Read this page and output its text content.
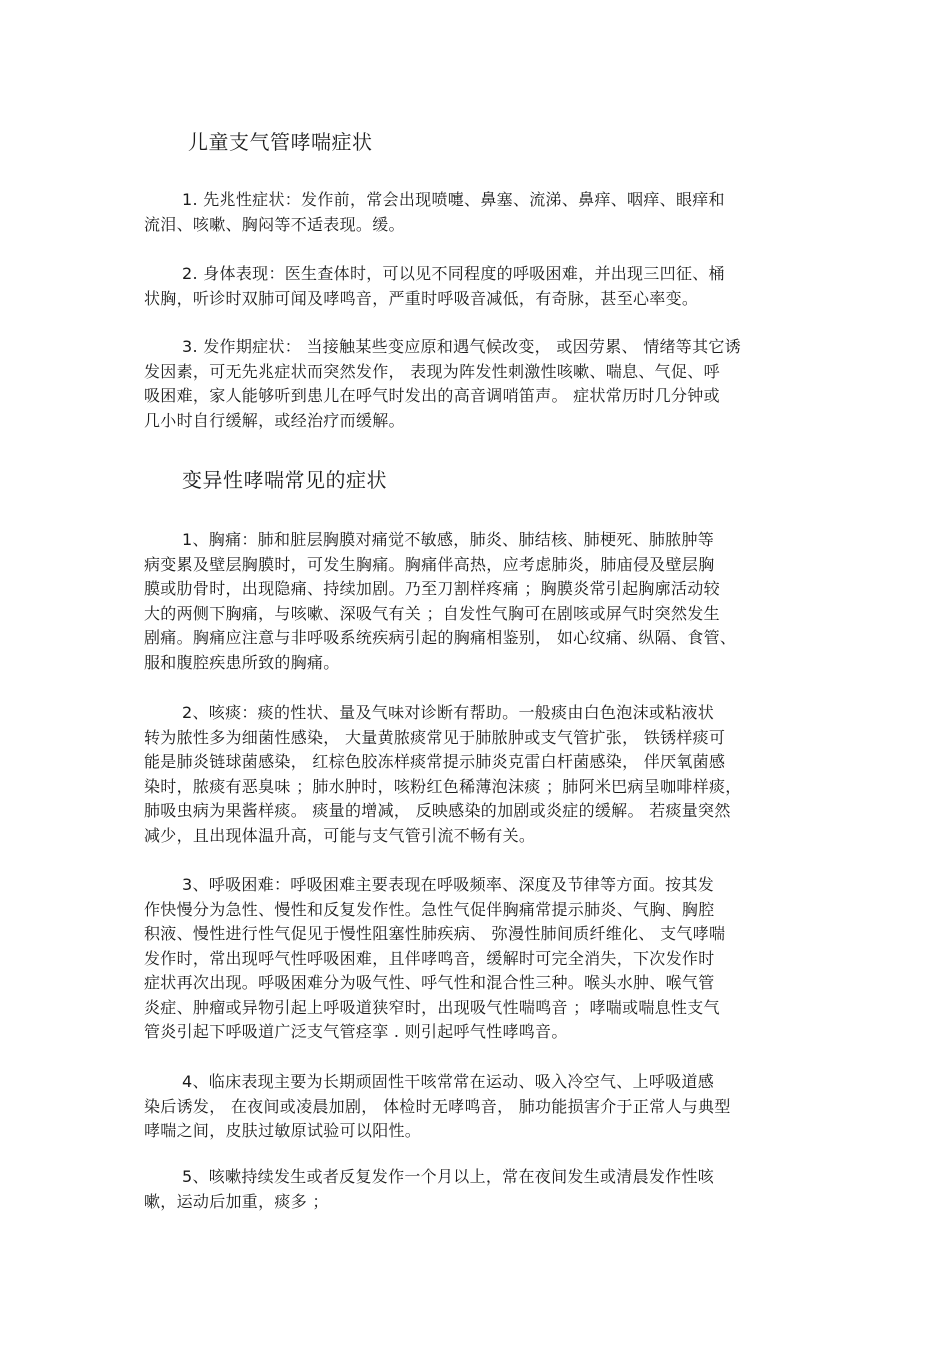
儿童支气管哮喘症状
1. 先兆性症状：发作前，常会出现喷嚏、鼻塞、流涕、鼻痒、咽痒、眼痒和
流泪、咳嗽、胸闷等不适表现。缓。
2. 身体表现：医生查体时，可以见不同程度的呼吸困难，并出现三凹征、桶
状胸，听诊时双肺可闻及哮鸣音，严重时呼吸音减低，有奇脉，甚至心率变。
3. 发作期症状： 当接触某些变应原和遇气候改变， 或因劳累、 情绪等其它诱
发因素，可无先兆症状而突然发作， 表现为阵发性刺激性咳嗽、喘息、气促、呼
吸困难，家人能够听到患儿在呼气时发出的高音调哨笛声。 症状常历时几分钟或
几小时自行缓解，或经治疗而缓解。
变异性哮喘常见的症状
1、胸痛：肺和脏层胸膜对痛觉不敏感，肺炎、肺结核、肺梗死、肺脓肿等
病变累及壁层胸膜时，可发生胸痛。胸痛伴高热，应考虑肺炎，肺庙侵及壁层胸
膜或肋骨时，出现隐痛、持续加剧。乃至刀割样疼痛 ；胸膜炎常引起胸廓活动较
大的两侧下胸痛，与咳嗽、深吸气有关 ；自发性气胸可在剧咳或屏气时突然发生
剧痛。胸痛应注意与非呼吸系统疾病引起的胸痛相鉴别， 如心纹痛、纵隔、食管、
服和腹腔疾患所致的胸痛。
2、咳痰：痰的性状、量及气味对诊断有帮助。一般痰由白色泡沫或粘液状
转为脓性多为细菌性感染， 大量黄脓痰常见于肺脓肿或支气管扩张， 铁锈样痰可
能是肺炎链球菌感染， 红棕色胶冻样痰常提示肺炎克雷白杆菌感染， 伴厌氧菌感
染时，脓痰有恶臭味 ；肺水肿时，咳粉红色稀薄泡沫痰 ；肺阿米巴病呈咖啡样痰，
肺吸虫病为果酱样痰。 痰量的增减， 反映感染的加剧或炎症的缓解。 若痰量突然
减少，且出现体温升高，可能与支气管引流不畅有关。
3、呼吸困难：呼吸困难主要表现在呼吸频率、深度及节律等方面。按其发
作快慢分为急性、慢性和反复发作性。急性气促伴胸痛常提示肺炎、气胸、胸腔
积液、慢性进行性气促见于慢性阻塞性肺疾病、 弥漫性肺间质纤维化、 支气哮喘
发作时，常出现呼气性呼吸困难，且伴哮鸣音，缓解时可完全消失，下次发作时
症状再次出现。呼吸困难分为吸气性、呼气性和混合性三种。喉头水肿、喉气管
炎症、肿瘤或异物引起上呼吸道狭窄时，出现吸气性喘鸣音 ；哮喘或喘息性支气
管炎引起下呼吸道广泛支气管痉挛 . 则引起呼气性哮鸣音。
4、临床表现主要为长期顽固性干咳常常在运动、吸入冷空气、上呼吸道感
染后诱发， 在夜间或凌晨加剧， 体检时无哮鸣音， 肺功能损害介于正常人与典型
哮喘之间，皮肤过敏原试验可以阳性。
5、咳嗽持续发生或者反复发作一个月以上，常在夜间发生或清晨发作性咳
嗽，运动后加重，痰多 ；
